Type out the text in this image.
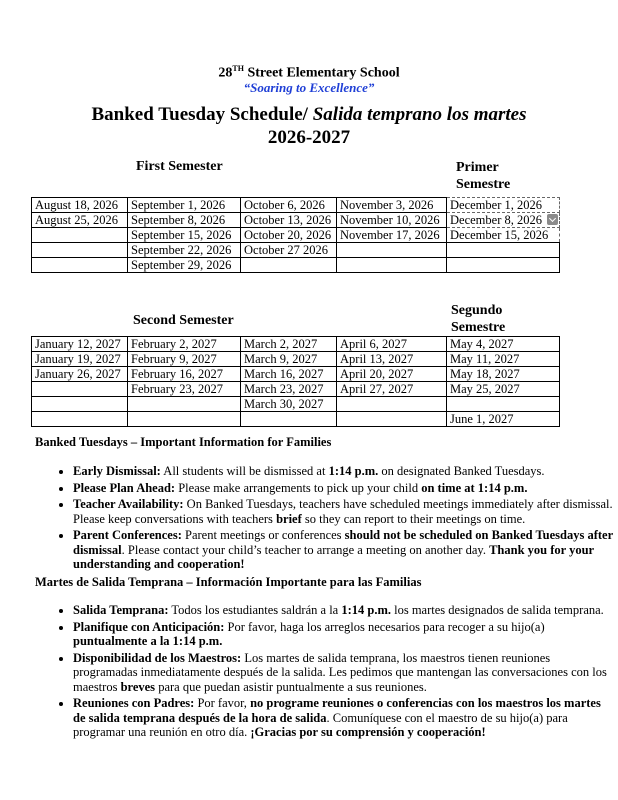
28TH Street Elementary School
“Soaring to Excellence”
Banked Tuesday Schedule/ Salida temprano los martes
2026-2027
First Semester	Primer
Semestre
August 18, 2026	September 1, 2026	October 6, 2026	November 3, 2026	December 1, 2026
August 25, 2026	September 8, 2026	October 13, 2026	November 10, 2026	December 8, 2026

	September 15, 2026	October 20, 2026	November 17, 2026	December 15, 2026
	September 22, 2026	October 27 2026		
	September 29, 2026			
Second Semester
Segundo
Semestre
January 12, 2027	February 2, 2027	March 2, 2027	April 6, 2027	May 4, 2027
January 19, 2027	February 9, 2027	March 9, 2027	April 13, 2027	May 11, 2027
January 26, 2027	February 16, 2027	March 16, 2027	April 20, 2027	May 18, 2027
	February 23, 2027	March 23, 2027	April 27, 2027	May 25, 2027
		March 30, 2027		
				June 1, 2027
Banked Tuesdays – Important Information for Families
• Early Dismissal: All students will be dismissed at 1:14 p.m. on designated Banked Tuesdays.
• Please Plan Ahead: Please make arrangements to pick up your child on time at 1:14 p.m.
• Teacher Availability: On Banked Tuesdays, teachers have scheduled meetings immediately after dismissal. Please keep conversations with teachers brief so they can report to their meetings on time.
• Parent Conferences: Parent meetings or conferences should not be scheduled on Banked Tuesdays after dismissal. Please contact your child’s teacher to arrange a meeting on another day. Thank you for your understanding and cooperation!
Martes de Salida Temprana – Información Importante para las Familias
• Salida Temprana: Todos los estudiantes saldrán a la 1:14 p.m. los martes designados de salida temprana.
• Planifique con Anticipación: Por favor, haga los arreglos necesarios para recoger a su hijo(a) puntualmente a la 1:14 p.m.
• Disponibilidad de los Maestros: Los martes de salida temprana, los maestros tienen reuniones programadas inmediatamente después de la salida. Les pedimos que mantengan las conversaciones con los maestros breves para que puedan asistir puntualmente a sus reuniones.
• Reuniones con Padres: Por favor, no programe reuniones o conferencias con los maestros los martes de salida temprana después de la hora de salida. Comuníquese con el maestro de su hijo(a) para programar una reunión en otro día. ¡Gracias por su comprensión y cooperación!
